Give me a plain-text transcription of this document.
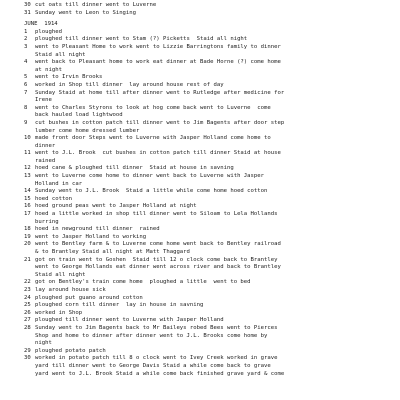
30 cut oats till dinner went to Luverne
31 Sunday went to Leon to Singing
JUNE  1914
1	ploughed
2	ploughed till dinner went to Stam (?) Picketts  Staid all night
3	went to Pleasant Home to work went to Lizzie Barringtons family to dinner
Staid all night
4	went back to Pleasant home to work eat dinner at Bade Horne (?) come home
at night
5	went to Irvin Brooks
6	worked in Shop till dinner  lay around house rest of day
7	Sunday Staid at home till after dinner went to Rutledge after medicine for
Irene
8	went to Charles Styrons to look at hog come back went to Luverne  come
back hauled load lightwood
9	cut bushes in cotton patch till dinner went to Jim Bagents after door step
lumber come home dressed lumber
10 made front door Steps went to Luverne with Jasper Holland come home to
dinner
11 went to J.L. Brook  cut bushes in cotton patch till dinner Staid at house
rained
12 hoed cane & ploughed till dinner  Staid at house in savning
13 went to Luverne come home to dinner went back to Luverne with Jasper
Holland in car
14 Sunday went to J.L. Brook  Staid a little while come home hoed cotton
15 hoed cotton
16 hoed ground peas went to Jasper Holland at night
17 hoed a little worked in shop till dinner went to Siloam to Lela Hollands
burring
18 hoed in newground till dinner  rained
19 went to Jasper Holland to working
20 went to Bentley farm & to Luverne come home went back to Bentley railroad
& to Brantley Staid all night at Matt Thaggard
21 got on train went to Goshen  Staid till 12 o clock come back to Brantley
went to George Hollands eat dinner went across river and back to Brantley
Staid all night
22 got on Bentley's train come home  ploughed a little  went to bed
23 lay around house sick
24 ploughed put guano around cotton
25 ploughed corn till dinner  lay in house in savning
26 worked in Shop
27 ploughed till dinner went to Luverne with Jasper Holland
28 Sunday went to Jim Bagents back to Mr Baileys robed Bees went to Pierces
Shop and home to dinner after dinner went to J.L. Brooks come home by
night
29 ploughed potato patch
30 worked in potato patch till 8 o clock went to Ivey Creek worked in grave
yard till dinner went to George Davis Staid a while come back to grave
yard went to J.L. Brook Staid a while come back finished grave yard & come
